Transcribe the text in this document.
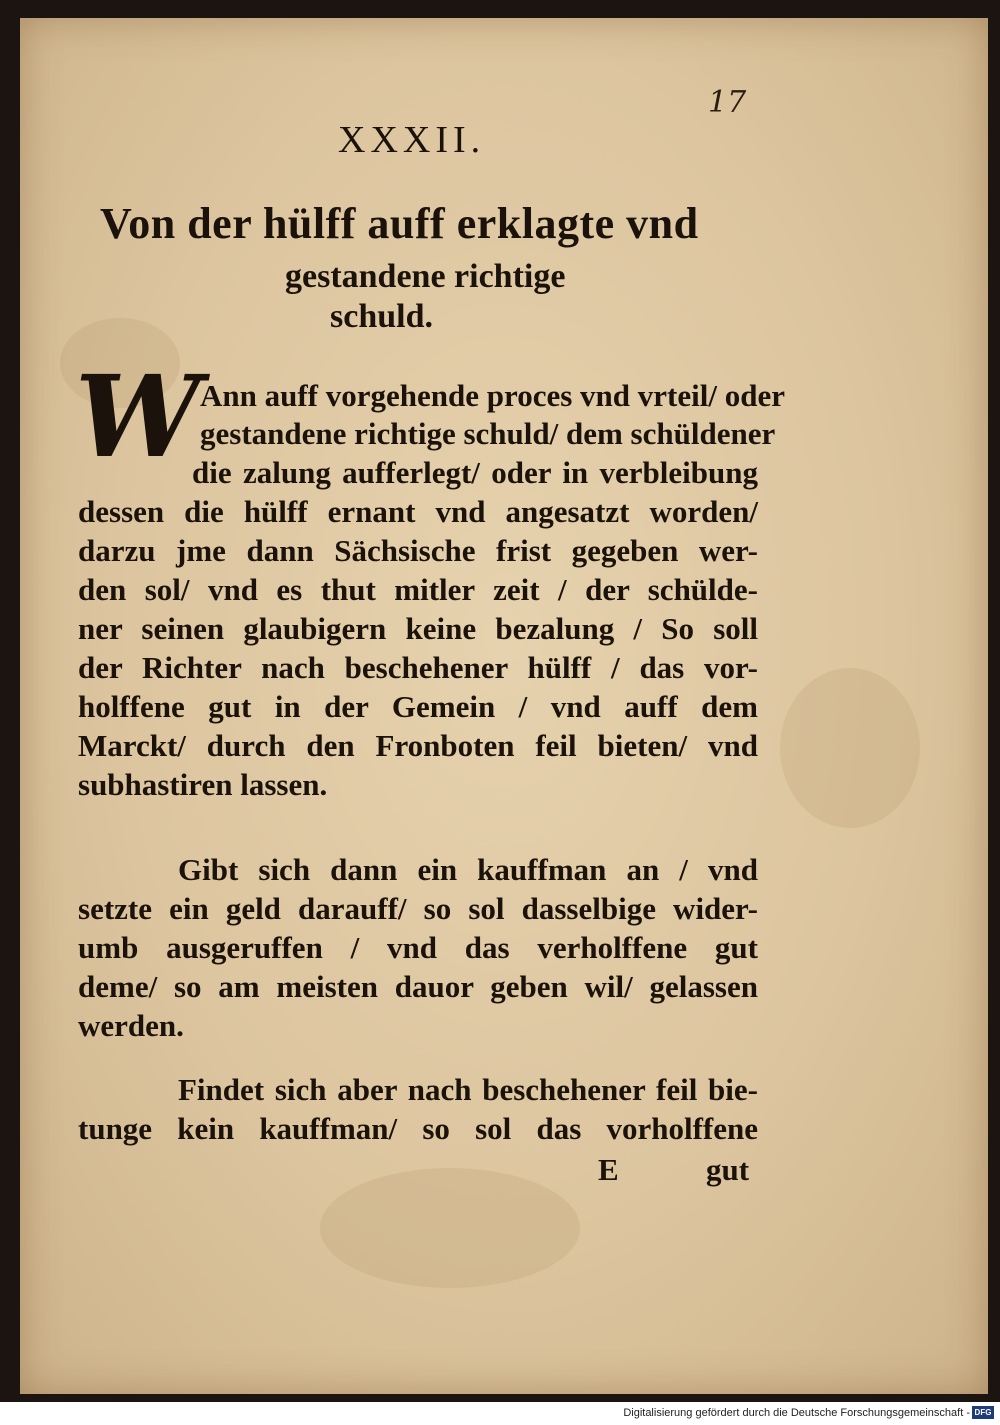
17
XXXII.
Von der hülff auff erklagte vnd
gestandene richtige
schuld.
W Ann auff vorgehende proces vnd vrteil/ oder
gestandene richtige schuld/ dem schüldener
die zalung aufferlegt/ oder in verbleibung
dessen die hülff ernant vnd angesatzt worden/
darzu jme dann Sächsische frist gegeben wer-
den sol/ vnd es thut mitler zeit / der schülde-
ner seinen glaubigern keine bezalung / So soll
der Richter nach beschehener hülff / das vor-
holffene gut in der Gemein / vnd auff dem
Marckt/ durch den Fronboten feil bieten/ vnd
subhastiren lassen.
Gibt sich dann ein kauffman an / vnd
setzte ein geld darauff/ so sol dasselbige wider-
umb ausgeruffen / vnd das verholffene gut
deme/ so am meisten dauor geben wil/ gelassen
werden.
Findet sich aber nach beschehener feil bie-
tunge kein kauffman/ so sol das vorholffene
E	gut
Digitalisierung gefördert durch die Deutsche Forschungsgemeinschaft - DFG
